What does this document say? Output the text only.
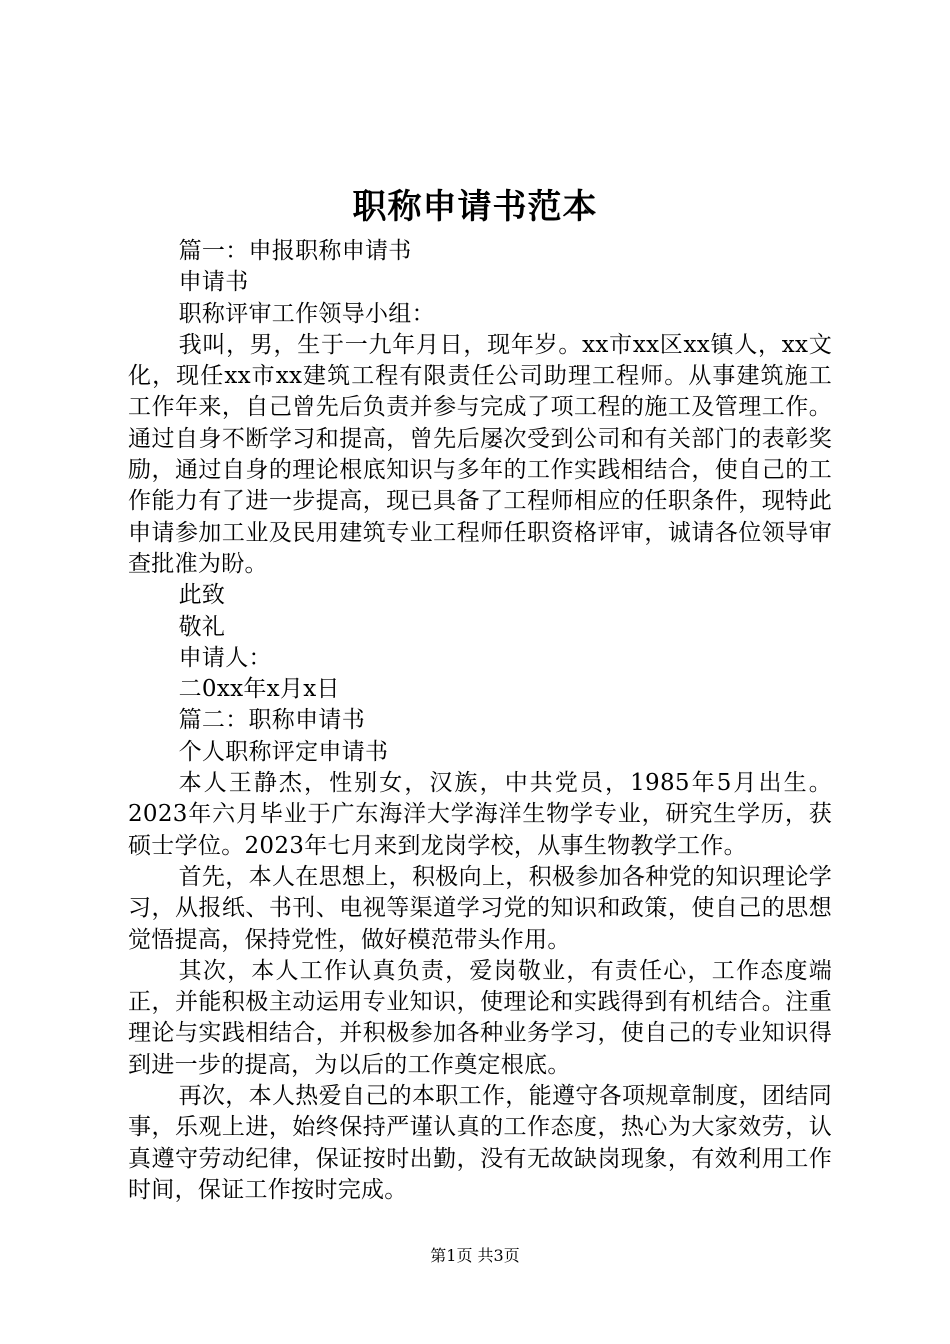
职称申请书范本

篇一：申报职称申请书

申请书

职称评审工作领导小组：

我叫，男，生于一九年月日，现年岁。xx市xx区xx镇人，xx文化，现任xx市xx建筑工程有限责任公司助理工程师。从事建筑施工工作年来，自己曾先后负责并参与完成了项工程的施工及管理工作。通过自身不断学习和提高，曾先后屡次受到公司和有关部门的表彰奖励，通过自身的理论根底知识与多年的工作实践相结合，使自己的工作能力有了进一步提高，现已具备了工程师相应的任职条件，现特此申请参加工业及民用建筑专业工程师任职资格评审，诚请各位领导审查批准为盼。

此致

敬礼

申请人：

二0xx年x月x日

篇二：职称申请书

个人职称评定申请书

本人王静杰，性别女，汉族，中共党员，1985年5月出生。2023年六月毕业于广东海洋大学海洋生物学专业，研究生学历，获硕士学位。2023年七月来到龙岗学校，从事生物教学工作。

首先，本人在思想上，积极向上，积极参加各种党的知识理论学习，从报纸、书刊、电视等渠道学习党的知识和政策，使自己的思想觉悟提高，保持党性，做好模范带头作用。

其次，本人工作认真负责，爱岗敬业，有责任心，工作态度端正，并能积极主动运用专业知识，使理论和实践得到有机结合。注重理论与实践相结合，并积极参加各种业务学习，使自己的专业知识得到进一步的提高，为以后的工作奠定根底。

再次，本人热爱自己的本职工作，能遵守各项规章制度，团结同事，乐观上进，始终保持严谨认真的工作态度，热心为大家效劳，认真遵守劳动纪律，保证按时出勤，没有无故缺岗现象，有效利用工作时间，保证工作按时完成。

第1页 共3页
